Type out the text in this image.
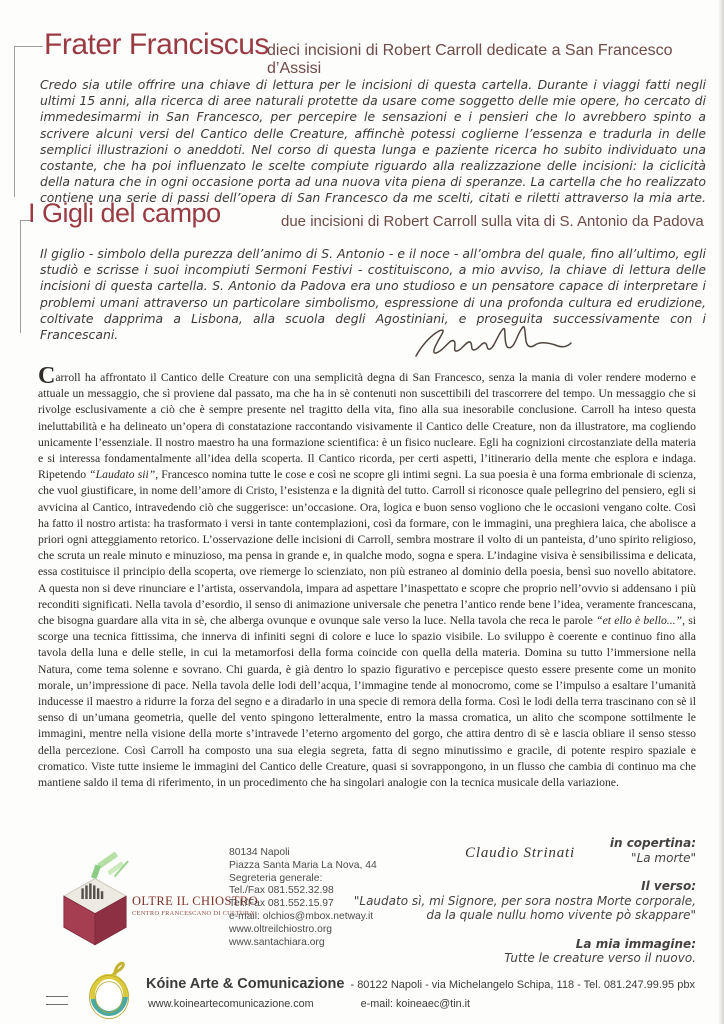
Frater Franciscus
dieci incisioni di Robert Carroll dedicate a San Francesco d’Assisi
Credo sia utile offrire una chiave di lettura per le incisioni di questa cartella. Durante i viaggi fatti negli ultimi 15 anni, alla ricerca di aree naturali protette da usare come soggetto delle mie opere, ho cercato di immedesimarmi in San Francesco, per percepire le sensazioni e i pensieri che lo avrebbero spinto a scrivere alcuni versi del Cantico delle Creature, affinchè potessi coglierne l’essenza e tradurla in delle semplici illustrazioni o aneddoti. Nel corso di questa lunga e paziente ricerca ho subito individuato una costante, che ha poi influenzato le scelte compiute riguardo alla realizzazione delle incisioni: la ciclicità della natura che in ogni occasione porta ad una nuova vita piena di speranze. La cartella che ho realizzato contiene una serie di passi dell’opera di San Francesco da me scelti, citati e riletti attraverso la mia arte.
I Gigli del campo	due incisioni di Robert Carroll sulla vita di S. Antonio da Padova
Il giglio - simbolo della purezza dell’animo di S. Antonio - e il noce - all’ombra del quale, fino all’ultimo, egli studiò e scrisse i suoi incompiuti Sermoni Festivi - costituiscono, a mio avviso, la chiave di lettura delle incisioni di questa cartella. S. Antonio da Padova era uno studioso e un pensatore capace di interpretare i problemi umani attraverso un particolare simbolismo, espressione di una profonda cultura ed erudizione, coltivate dapprima a Lisbona, alla scuola degli Agostiniani, e proseguita successivamente con i Francescani.
Carroll ha affrontato il Cantico delle Creature con una semplicità degna di San Francesco, senza la mania di voler rendere moderno e attuale un messaggio, che sì proviene dal passato, ma che ha in sè contenuti non suscettibili del trascorrere del tempo. Un messaggio che si rivolge esclusivamente a ciò che è sempre presente nel tragitto della vita, fino alla sua inesorabile conclusione. Carroll ha inteso questa ineluttabilità e ha delineato un’opera di constatazione raccontando visivamente il Cantico delle Creature, non da illustratore, ma cogliendo unicamente l’essenziale. Il nostro maestro ha una formazione scientifica: è un fisico nucleare. Egli ha cognizioni circostanziate della materia e si interessa fondamentalmente all’idea della scoperta. Il Cantico ricorda, per certi aspetti, l’itinerario della mente che esplora e indaga. Ripetendo “Laudato sii”, Francesco nomina tutte le cose e così ne scopre gli intimi segni. La sua poesia è una forma embrionale di scienza, che vuol giustificare, in nome dell’amore di Cristo, l’esistenza e la dignità del tutto. Carroll si riconosce quale pellegrino del pensiero, egli si avvicina al Cantico, intravedendo ciò che suggerisce: un’occasione. Ora, logica e buon senso vogliono che le occasioni vengano colte. Così ha fatto il nostro artista: ha trasformato i versi in tante contemplazioni, così da formare, con le immagini, una preghiera laica, che abolisce a priori ogni atteggiamento retorico. L’osservazione delle incisioni di Carroll, sembra mostrare il volto di un panteista, d’uno spirito religioso, che scruta un reale minuto e minuzioso, ma pensa in grande e, in qualche modo, sogna e spera. L’indagine visiva è sensibilissima e delicata, essa costituisce il principio della scoperta, ove riemerge lo scienziato, non più estraneo al dominio della poesia, bensì suo novello abitatore. A questa non si deve rinunciare e l’artista, osservandola, impara ad aspettare l’inaspettato e scopre che proprio nell’ovvio si addensano i più reconditi significati. Nella tavola d’esordio, il senso di animazione universale che penetra l’antico rende bene l’idea, veramente francescana, che bisogna guardare alla vita in sè, che alberga ovunque e ovunque sale verso la luce. Nella tavola che reca le parole “et ello è bello...”, si scorge una tecnica fittissima, che innerva di infiniti segni di colore e luce lo spazio visibile. Lo sviluppo è coerente e continuo fino alla tavola della luna e delle stelle, in cui la metamorfosi della forma coincide con quella della materia. Domina su tutto l’immersione nella Natura, come tema solenne e sovrano. Chi guarda, è già dentro lo spazio figurativo e percepisce questo essere presente come un monito morale, un’impressione di pace. Nella tavola delle lodi dell’acqua, l’immagine tende al monocromo, come se l’impulso a esaltare l’umanità inducesse il maestro a ridurre la forza del segno e a diradarlo in una specie di remora della forma. Così le lodi della terra trascinano con sè il senso di un’umana geometria, quelle del vento spingono letteralmente, entro la massa cromatica, un alito che scompone sottilmente le immagini, mentre nella visione della morte s’intravede l’eterno argomento del gorgo, che attira dentro di sè e lascia obliare il senso stesso della percezione. Così Carroll ha composto una sua elegia segreta, fatta di segno minutissimo e gracile, di potente respiro spaziale e cromatico. Viste tutte insieme le immagini del Cantico delle Creature, quasi si sovrappongono, in un flusso che cambia di continuo ma che mantiene saldo il tema di riferimento, in un procedimento che ha singolari analogie con la tecnica musicale della variazione.
Claudio Strinati
in copertina:
"La morte"
Il verso:
"Laudato sì, mi Signore, per sora nostra Morte corporale,
da la quale nullu homo vivente pò skappare"
La mia immagine:
Tutte le creature verso il nuovo.
OLTRE IL CHIOSTRO
CENTRO FRANCESCANO DI CULTURA
80134 Napoli
Piazza Santa Maria La Nova, 44
Segreteria generale:
Tel./Fax 081.552.32.98
Tel./Fax 081.552.15.97
e-mail: olchios@mbox.netway.it
www.oltreilchiostro.org
www.santachiara.org
Kóine Arte & Comunicazione - 80122 Napoli - via Michelangelo Schipa, 118 - Tel. 081.247.99.95 pbx
www.koineartecomunicazione.com	e-mail: koineaec@tin.it
